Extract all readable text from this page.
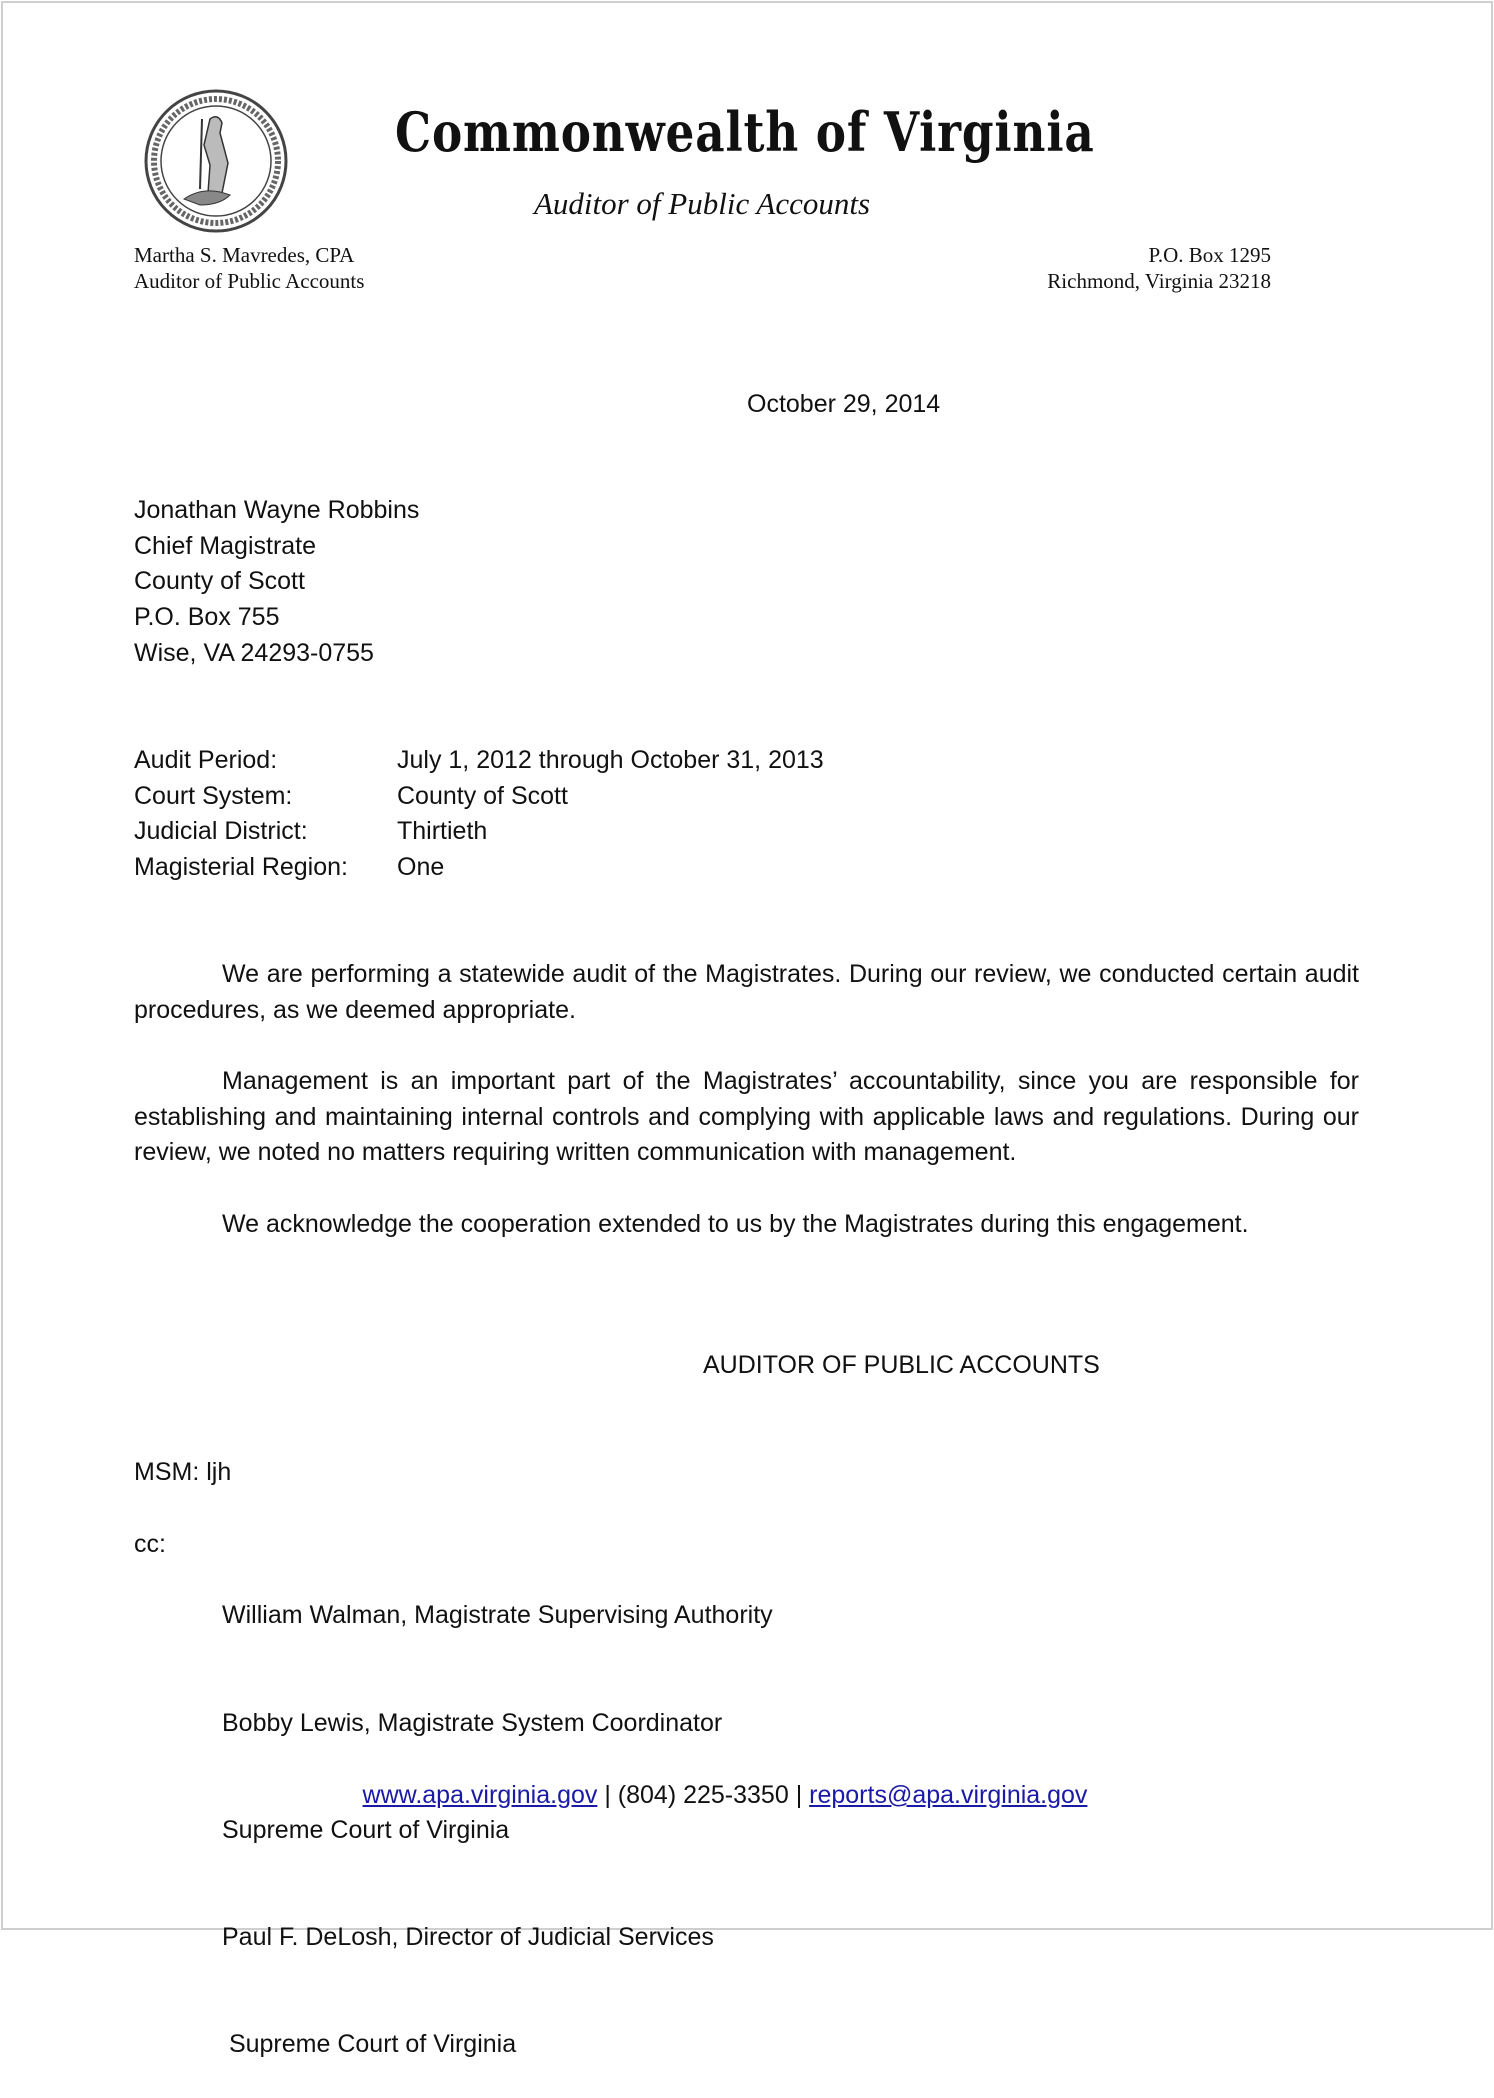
Commonwealth of Virginia
Auditor of Public Accounts
Martha S. Mavredes, CPA
Auditor of Public Accounts
P.O. Box 1295
Richmond, Virginia 23218
October 29, 2014
Jonathan Wayne Robbins
Chief Magistrate
County of Scott
P.O. Box 755
Wise, VA 24293-0755
Audit Period:	July 1, 2012 through October 31, 2013
Court System:	County of Scott
Judicial District:	Thirtieth
Magisterial Region:	One
We are performing a statewide audit of the Magistrates. During our review, we conducted certain audit procedures, as we deemed appropriate.
Management is an important part of the Magistrates’ accountability, since you are responsible for establishing and maintaining internal controls and complying with applicable laws and regulations. During our review, we noted no matters requiring written communication with management.
We acknowledge the cooperation extended to us by the Magistrates during this engagement.
AUDITOR OF PUBLIC ACCOUNTS
MSM: ljh
cc:

William Walman, Magistrate Supervising Authority

Bobby Lewis, Magistrate System Coordinator

Supreme Court of Virginia

Paul F. DeLosh, Director of Judicial Services

Supreme Court of Virginia

www.apa.virginia.gov | (804) 225-3350 | reports@apa.virginia.gov
